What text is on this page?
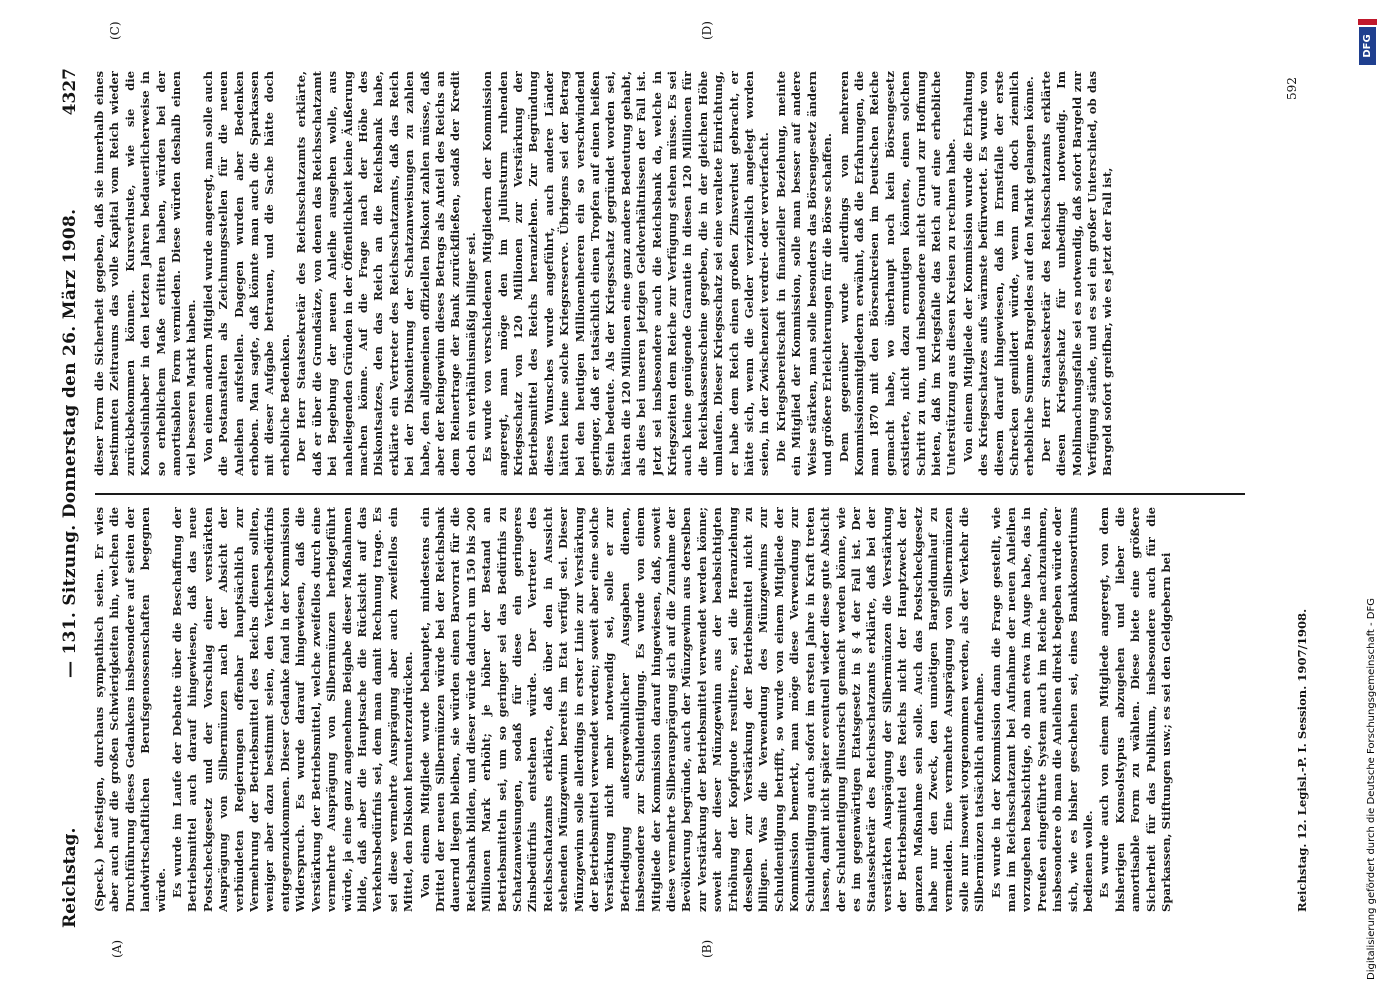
Reichstag.
— 131. Sitzung. Donnerstag den 26. März 1908.
4327
(A)	(B)
(C)	(D)

(Speck.) befestigen, durchaus sympathisch seien. Er wies aber auch auf die großen Schwierigkeiten hin, welchen die Durchführung dieses Gedankens insbesondere auf seiten der landwirtschaftlichen Berufsgenossenschaften begegnen würde. Es wurde im Laufe der Debatte über die Beschaffung der Betriebsmittel auch darauf hingewiesen, daß das neue Postscheckgesetz und der Vorschlag einer verstärkten Ausprägung von Silbermünzen nach der Absicht der verbündeten Regierungen offenbar hauptsächlich zur Vermehrung der Betriebsmittel des Reichs dienen sollten, weniger aber dazu bestimmt seien, den Verkehrsbedürfnis entgegenzukommen. Dieser Gedanke fand in der Kommission Widerspruch. Es wurde darauf hingewiesen, daß die Verstärkung der Betriebsmittel, welche zweifellos durch eine vermehrte Ausprägung von Silbermünzen herbeigeführt würde, ja eine ganz angenehme Beigabe dieser Maßnahmen bilde, daß aber die Hauptsache die Rücksicht auf das Verkehrsbedürfnis sei, dem man damit Rechnung trage. Es sei diese vermehrte Ausprägung aber auch zweifellos ein Mittel, den Diskont herunterzudrücken. Von einem Mitgliede wurde behauptet, mindestens ein Drittel der neuen Silbermünzen würde bei der Reichsbank dauernd liegen bleiben, sie würden einen Barvorrat für die Reichsbank bilden, und dieser würde dadurch um 150 bis 200 Millionen Mark erhöht; je höher der Bestand an Betriebsmitteln sei, um so geringer sei das Bedürfnis zu Schatzanweisungen, sodaß für diese ein geringeres Zinsbedürfnis entstehen würde. Der Vertreter des Reichsschatzamts erklärte, daß über den in Aussicht stehenden Münzgewinn bereits im Etat verfügt sei. Dieser Münzgewinn solle allerdings in erster Linie zur Verstärkung der Betriebsmittel verwendet werden; soweit aber eine solche Verstärkung nicht mehr notwendig sei, solle er zur Befriedigung außergewöhnlicher Ausgaben dienen, insbesondere zur Schuldentilgung. Es wurde von einem Mitgliede der Kommission darauf hingewiesen, daß, soweit diese vermehrte Silberausprägung sich auf die Zunahme der Bevölkerung begründe, auch der Münzgewinn aus derselben zur Verstärkung der Betriebsmittel verwendet werden könne; soweit aber dieser Münzgewinn aus der beabsichtigten Erhöhung der Kopfquote resultiere, sei die Heranziehung desselben zur Verstärkung der Betriebsmittel nicht zu billigen. Was die Verwendung des Münzgewinns zur Schuldentilgung betrifft, so wurde von einem Mitgliede der Kommission bemerkt, man möge diese Verwendung zur Schuldentilgung auch sofort im ersten Jahre in Kraft treten lassen, damit nicht später eventuell wieder diese gute Absicht der Schuldentilgung illusorisch gemacht werden könne, wie es im gegenwärtigen Etatsgesetz in § 4 der Fall ist. Der Staatssekretär des Reichsschatzamts erklärte, daß bei der verstärkten Ausprägung der Silbermünzen die Verstärkung der Betriebsmittel des Reichs nicht der Hauptzweck der ganzen Maßnahme sein solle. Auch das Postscheckgesetz habe nur den Zweck, den unnötigen Bargeldumlauf zu vermeiden. Eine vermehrte Ausprägung von Silbermünzen solle nur insoweit vorgenommen werden, als der Verkehr die Silbermünzen tatsächlich aufnehme. Es wurde in der Kommission dann die Frage gestellt, wie man im Reichsschatzamt bei Aufnahme der neuen Anleihen vorzugehen beabsichtige, ob man etwa im Auge habe, das in Preußen eingeführte System auch im Reiche nachzuahmen, insbesondere ob man die Anleihen direkt begeben würde oder sich, wie es bisher geschehen sei, eines Bankkonsortiums bedienen wolle. Es wurde auch von einem Mitgliede angeregt, von dem bisherigen Konsolstypus abzugehen und lieber die amortisable Form zu wählen. Diese biete eine größere Sicherheit für das Publikum, insbesondere auch für die Sparkassen, Stiftungen usw.; es sei den Geldgebern bei

dieser Form die Sicherheit gegeben, daß sie innerhalb eines bestimmten Zeitraums das volle Kapital vom Reich wieder zurückbekommen können. Kursverluste, wie sie die Konsolsinhaber in den letzten Jahren bedauerlicherweise in so erheblichem Maße erlitten haben, würden bei der amortisablen Form vermieden. Diese würden deshalb einen viel besseren Markt haben. Von einem andern Mitglied wurde angeregt, man solle auch die Postanstalten als Zeichnungsstellen für die neuen Anleihen aufstellen. Dagegen wurden aber Bedenken erhoben. Man sagte, daß könnte man auch die Sparkassen mit dieser Aufgabe betrauen, und die Sache hätte doch erhebliche Bedenken. Der Herr Staatssekretär des Reichsschatzamts erklärte, daß er über die Grundsätze, von denen das Reichsschatzamt bei Begebung der neuen Anleihe ausgehen wolle, aus naheliegenden Gründen in der Öffentlichkeit keine Äußerung machen könne. Auf die Frage nach der Höhe des Diskontsatzes, den das Reich an die Reichsbank habe, erklärte ein Vertreter des Reichsschatzamts, daß das Reich bei der Diskontierung der Schatzanweisungen zu zahlen habe, den allgemeinen offiziellen Diskont zahlen müsse, daß aber der Reingewinn dieses Betrags als Anteil des Reichs an dem Reinertrage der Bank zurückfließen, sodaß der Kredit doch ein verhältnismäßig billiger sei. Es wurde von verschiedenen Mitgliedern der Kommission angeregt, man möge den im Juliusturm ruhenden Kriegsschatz von 120 Millionen zur Verstärkung der Betriebsmittel des Reichs heranziehen. Zur Begründung dieses Wunsches wurde angeführt, auch andere Länder hätten keine solche Kriegsreserve. Übrigens sei der Betrag bei den heutigen Millionenheeren ein so verschwindend geringer, daß er tatsächlich einen Tropfen auf einen heißen Stein bedeute. Als der Kriegsschatz gegründet worden sei, hätten die 120 Millionen eine ganz andere Bedeutung gehabt, als dies bei unseren jetzigen Geldverhältnissen der Fall ist. Jetzt sei insbesondere auch die Reichsbank da, welche in Kriegszeiten dem Reiche zur Verfügung stehen müsse. Es sei auch keine genügende Garantie in diesen 120 Millionen für die Reichskassenscheine gegeben, die in der gleichen Höhe umlaufen. Dieser Kriegsschatz sei eine veraltete Einrichtung, er habe dem Reich einen großen Zinsverlust gebracht, er hätte sich, wenn die Gelder verzinslich angelegt worden seien, in der Zwischenzeit verdrei- oder vervierfacht. Die Kriegsbereitschaft in finanzieller Beziehung, meinte ein Mitglied der Kommission, solle man besser auf andere Weise stärken, man solle besonders das Börsengesetz ändern und größere Erleichterungen für die Börse schaffen. Dem gegenüber wurde allerdings von mehreren Kommissionsmitgliedern erwähnt, daß die Erfahrungen, die man 1870 mit den Börsenkreisen im Deutschen Reiche gemacht habe, wo überhaupt noch kein Börsengesetz existierte, nicht dazu ermutigen könnten, einen solchen Schritt zu tun, und insbesondere nicht Grund zur Hoffnung bieten, daß im Kriegsfalle das Reich auf eine erhebliche Unterstützung aus diesen Kreisen zu rechnen habe. Von einem Mitgliede der Kommission wurde die Erhaltung des Kriegsschatzes aufs wärmste befürwortet. Es wurde von diesem darauf hingewiesen, daß im Ernstfalle der erste Schrecken gemildert würde, wenn man doch ziemlich erhebliche Summe Bargeldes auf den Markt gelangen könne. Der Herr Staatssekretär des Reichsschatzamts erklärte diesen Kriegsschatz für unbedingt notwendig. Im Mobilmachungsfalle sei es notwendig, daß sofort Bargeld zur Verfügung stände, und es sei ein großer Unterschied, ob das Bargeld sofort greifbar, wie es jetzt der Fall ist,

Reichstag. 12. Legisl.-P. I. Session. 1907/1908.
592
Digitalisierung gefördert durch die Deutsche Forschungsgemeinschaft - DFG
DFG
